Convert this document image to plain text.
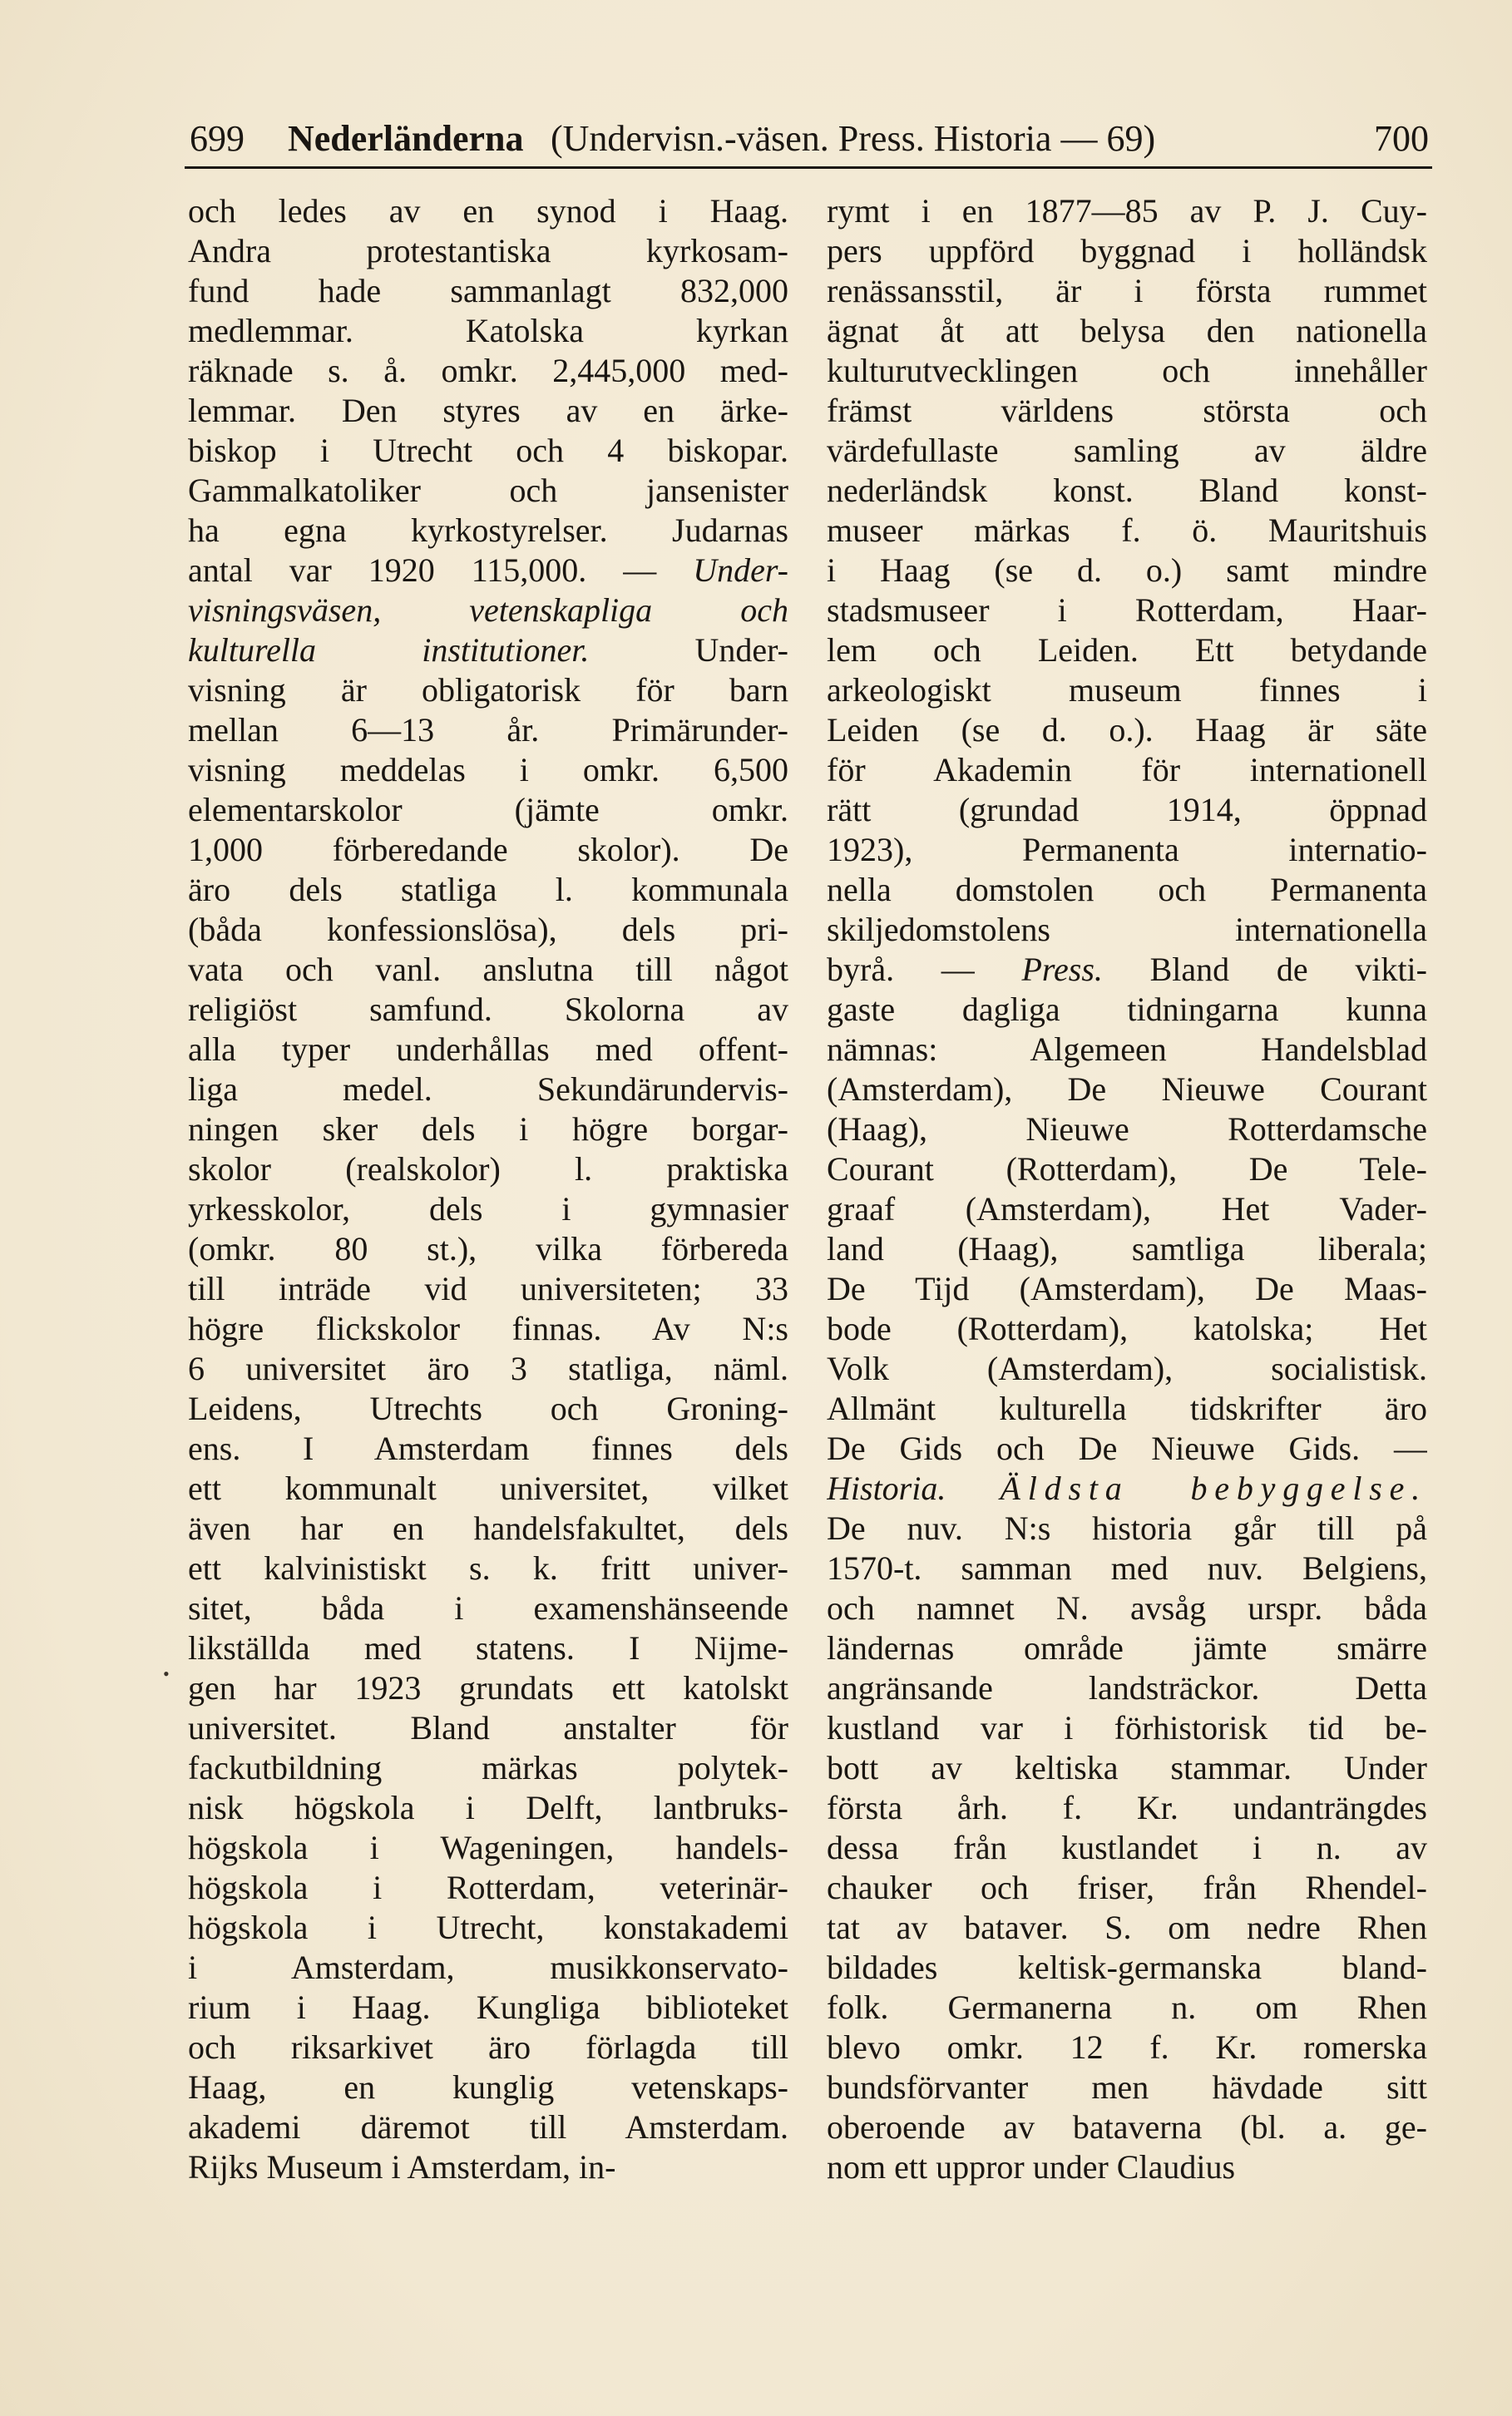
699 Nederländerna (Undervisn.-väsen. Press. Historia — 69)	700
•
och ledes av en synod i Haag.
Andra protestantiska kyrkosam-
fund hade sammanlagt 832,000
medlemmar. Katolska kyrkan
räknade s. å. omkr. 2,445,000 med-
lemmar. Den styres av en ärke-
biskop i Utrecht och 4 biskopar.
Gammalkatoliker och jansenister
ha egna kyrkostyrelser. Judarnas
antal var 1920 115,000. — Under-
visningsväsen, vetenskapliga och
kulturella institutioner. Under-
visning är obligatorisk för barn
mellan 6—13 år. Primärunder-
visning meddelas i omkr. 6,500
elementarskolor (jämte omkr.
1,000 förberedande skolor). De
äro dels statliga l. kommunala
(båda konfessionslösa), dels pri-
vata och vanl. anslutna till något
religiöst samfund. Skolorna av
alla typer underhållas med offent-
liga medel. Sekundärundervis-
ningen sker dels i högre borgar-
skolor (realskolor) l. praktiska
yrkesskolor, dels i gymnasier
(omkr. 80 st.), vilka förbereda
till inträde vid universiteten; 33
högre flickskolor finnas. Av N:s
6 universitet äro 3 statliga, näml.
Leidens, Utrechts och Groning-
ens. I Amsterdam finnes dels
ett kommunalt universitet, vilket
även har en handelsfakultet, dels
ett kalvinistiskt s. k. fritt univer-
sitet, båda i examenshänseende
likställda med statens. I Nijme-
gen har 1923 grundats ett katolskt
universitet. Bland anstalter för
fackutbildning märkas polytek-
nisk högskola i Delft, lantbruks-
högskola i Wageningen, handels-
högskola i Rotterdam, veterinär-
högskola i Utrecht, konstakademi
i Amsterdam, musikkonservato-
rium i Haag. Kungliga biblioteket
och riksarkivet äro förlagda till
Haag, en kunglig vetenskaps-
akademi däremot till Amsterdam.
Rijks Museum i Amsterdam, in-
rymt i en 1877—85 av P. J. Cuy-
pers uppförd byggnad i holländsk
renässansstil, är i första rummet
ägnat åt att belysa den nationella
kulturutvecklingen och innehåller
främst världens största och
värdefullaste samling av äldre
nederländsk konst. Bland konst-
museer märkas f. ö. Mauritshuis
i Haag (se d. o.) samt mindre
stadsmuseer i Rotterdam, Haar-
lem och Leiden. Ett betydande
arkeologiskt museum finnes i
Leiden (se d. o.). Haag är säte
för Akademin för internationell
rätt (grundad 1914, öppnad
1923), Permanenta internatio-
nella domstolen och Permanenta
skiljedomstolens internationella
byrå. — Press. Bland de vikti-
gaste dagliga tidningarna kunna
nämnas: Algemeen Handelsblad
(Amsterdam), De Nieuwe Courant
(Haag), Nieuwe Rotterdamsche
Courant (Rotterdam), De Tele-
graaf (Amsterdam), Het Vader-
land (Haag), samtliga liberala;
De Tijd (Amsterdam), De Maas-
bode (Rotterdam), katolska; Het
Volk (Amsterdam), socialistisk.
Allmänt kulturella tidskrifter äro
De Gids och De Nieuwe Gids. —
Historia. Äldsta bebyggelse.
De nuv. N:s historia går till på
1570-t. samman med nuv. Belgiens,
och namnet N. avsåg urspr. båda
ländernas område jämte smärre
angränsande landsträckor. Detta
kustland var i förhistorisk tid be-
bott av keltiska stammar. Under
första årh. f. Kr. undanträngdes
dessa från kustlandet i n. av
chauker och friser, från Rhendel-
tat av bataver. S. om nedre Rhen
bildades keltisk-germanska bland-
folk. Germanerna n. om Rhen
blevo omkr. 12 f. Kr. romerska
bundsförvanter men hävdade sitt
oberoende av bataverna (bl. a. ge-
nom ett uppror under Claudius
